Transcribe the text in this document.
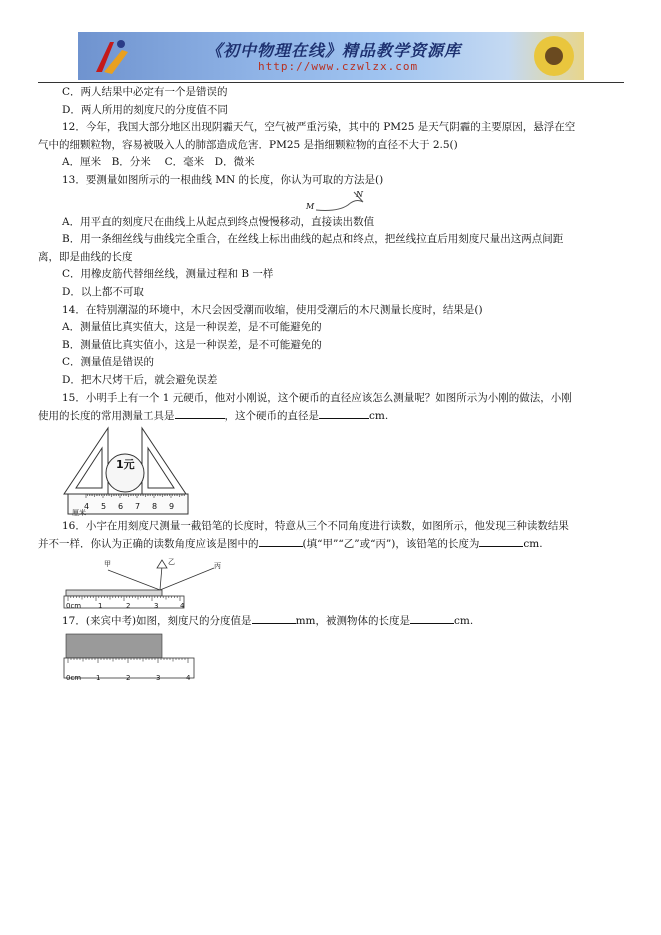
《初中物理在线》精品教学资源库
http://www.czwlzx.com
C．两人结果中必定有一个是错误的
D．两人所用的刻度尺的分度值不同
12．今年，我国大部分地区出现阴霾天气，空气被严重污染，其中的 PM25 是天气阴霾的主要原因，悬浮在空
气中的细颗粒物，容易被吸入人的肺部造成危害．PM25 是指细颗粒物的直径不大于 2.5()
A．厘米　B．分米　 C．毫米　D．微米
13．要测量如图所示的一根曲线 MN 的长度，你认为可取的方法是()
M
N
A．用平直的刻度尺在曲线上从起点到终点慢慢移动，直接读出数值
B．用一条细丝线与曲线完全重合，在丝线上标出曲线的起点和终点，把丝线拉直后用刻度尺量出这两点间距
离，即是曲线的长度
C．用橡皮筋代替细丝线，测量过程和 B 一样
D．以上都不可取
14．在特别潮湿的环境中，木尺会因受潮而收缩，使用受潮后的木尺测量长度时，结果是()
A．测量值比真实值大，这是一种误差，是不可能避免的
B．测量值比真实值小，这是一种误差，是不可能避免的
C．测量值是错误的
D．把木尺烤干后，就会避免误差
15．小明手上有一个 1 元硬币，他对小刚说，这个硬币的直径应该怎么测量呢？如图所示为小刚的做法，小刚
使用的长度的常用测量工具是	，这个硬币的直径是	cm.
1元
4 5 6 7 8 9
厘米
16．小宇在用刻度尺测量一截铅笔的长度时，特意从三个不同角度进行读数，如图所示，他发现三种读数结果
并不一样．你认为正确的读数角度应该是图中的	(填“甲”“乙”或“丙”)，该铅笔的长度为	cm.
甲	乙	丙
0cm 1	2	3	4
17．(来宾中考)如图，刻度尺的分度值是	mm，被测物体的长度是	cm.
0cm 1	2	3	4
